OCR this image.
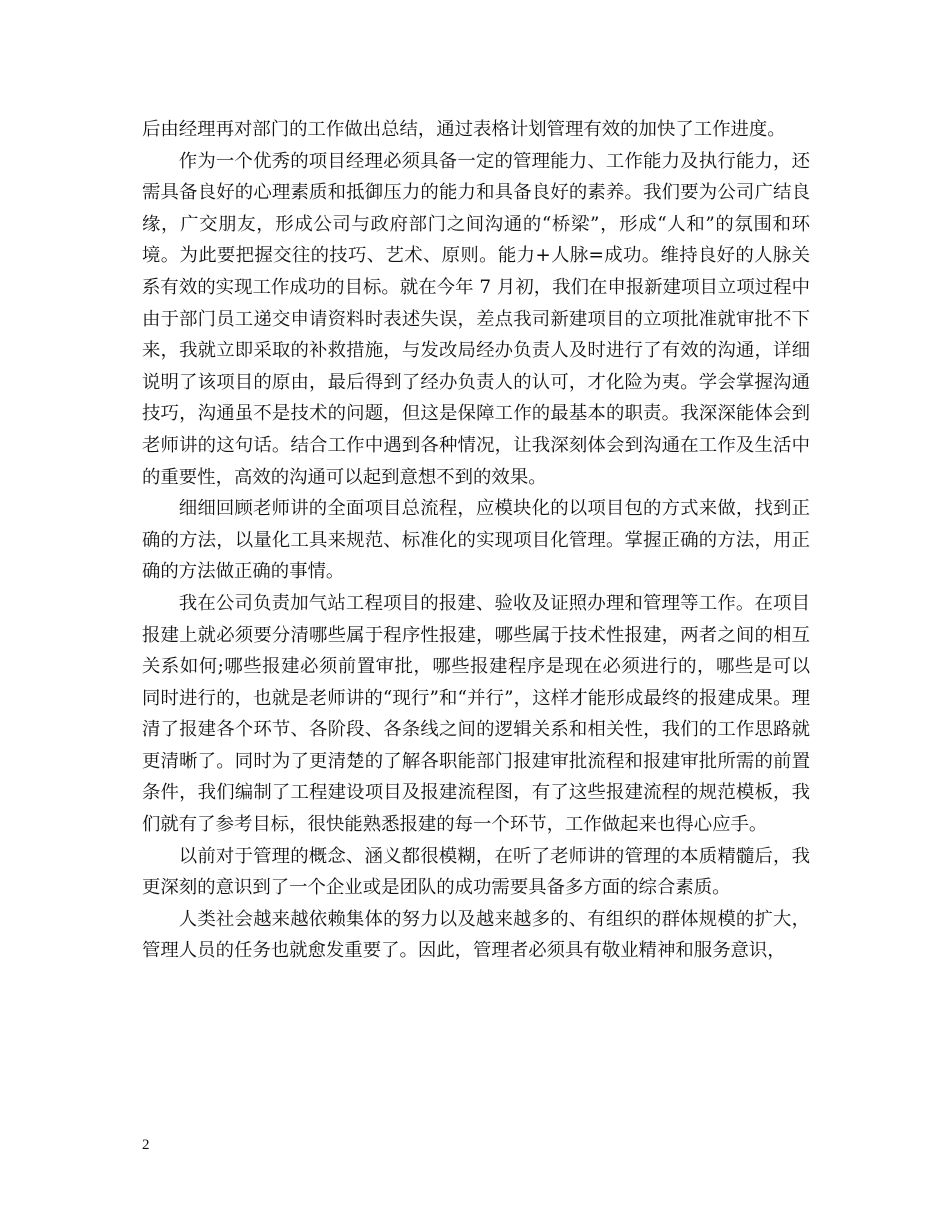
后由经理再对部门的工作做出总结，通过表格计划管理有效的加快了工作进度。

作为一个优秀的项目经理必须具备一定的管理能力、工作能力及执行能力，还需具备良好的心理素质和抵御压力的能力和具备良好的素养。我们要为公司广结良缘，广交朋友，形成公司与政府部门之间沟通的“桥梁”，形成“人和”的氛围和环境。为此要把握交往的技巧、艺术、原则。能力+人脉=成功。维持良好的人脉关系有效的实现工作成功的目标。就在今年 7 月初，我们在申报新建项目立项过程中由于部门员工递交申请资料时表述失误，差点我司新建项目的立项批准就审批不下来，我就立即采取的补救措施，与发改局经办负责人及时进行了有效的沟通，详细说明了该项目的原由，最后得到了经办负责人的认可，才化险为夷。学会掌握沟通技巧，沟通虽不是技术的问题，但这是保障工作的最基本的职责。我深深能体会到老师讲的这句话。结合工作中遇到各种情况，让我深刻体会到沟通在工作及生活中的重要性，高效的沟通可以起到意想不到的效果。

细细回顾老师讲的全面项目总流程，应模块化的以项目包的方式来做，找到正确的方法，以量化工具来规范、标准化的实现项目化管理。掌握正确的方法，用正确的方法做正确的事情。

我在公司负责加气站工程项目的报建、验收及证照办理和管理等工作。在项目报建上就必须要分清哪些属于程序性报建，哪些属于技术性报建，两者之间的相互关系如何;哪些报建必须前置审批，哪些报建程序是现在必须进行的，哪些是可以同时进行的，也就是老师讲的“现行”和“并行”，这样才能形成最终的报建成果。理清了报建各个环节、各阶段、各条线之间的逻辑关系和相关性，我们的工作思路就更清晰了。同时为了更清楚的了解各职能部门报建审批流程和报建审批所需的前置条件，我们编制了工程建设项目及报建流程图，有了这些报建流程的规范模板，我们就有了参考目标，很快能熟悉报建的每一个环节，工作做起来也得心应手。

以前对于管理的概念、涵义都很模糊，在听了老师讲的管理的本质精髓后，我更深刻的意识到了一个企业或是团队的成功需要具备多方面的综合素质。

人类社会越来越依赖集体的努力以及越来越多的、有组织的群体规模的扩大，管理人员的任务也就愈发重要了。因此，管理者必须具有敬业精神和服务意识，

2
